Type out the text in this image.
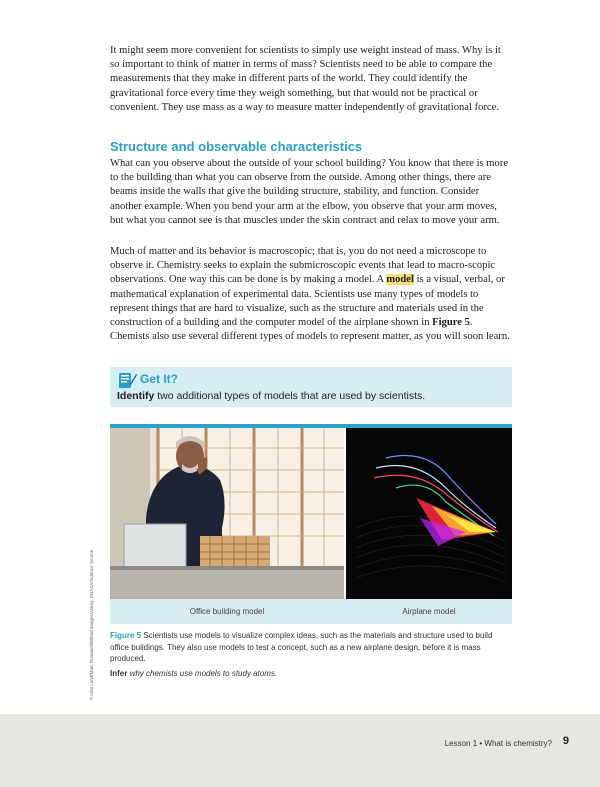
It might seem more convenient for scientists to simply use weight instead of mass. Why is it so important to think of matter in terms of mass? Scientists need to be able to compare the measurements that they make in different parts of the world. They could identify the gravitational force every time they weigh something, but that would not be practical or convenient. They use mass as a way to measure matter independently of gravitational force.

Structure and observable characteristics

What can you observe about the outside of your school building? You know that there is more to the building than what you can observe from the outside. Among other things, there are beams inside the walls that give the building structure, stability, and function. Consider another example. When you bend your arm at the elbow, you observe that your arm moves, but what you cannot see is that muscles under the skin contract and relax to move your arm.

Much of matter and its behavior is macroscopic; that is, you do not need a microscope to observe it. Chemistry seeks to explain the submicroscopic events that lead to macro-scopic observations. One way this can be done is by making a model. A model is a visual, verbal, or mathematical explanation of experimental data. Scientists use many types of models to represent things that are hard to visualize, such as the structure and materials used in the construction of a building and the computer model of the airplane shown in Figure 5. Chemists also use several different types of models to represent matter, as you will soon learn.

Get It?
Identify two additional types of models that are used by scientists.
Office building model	Airplane model

Figure 5 Scientists use models to visualize complex ideas, such as the materials and structure used to build office buildings. They also use models to test a concept, such as a new airplane design, before it is mass produced.

Infer why chemists use models to study atoms.

©John Lund/Marc Romanelli/Blend Images/Alamy; ©NASA/Science Source
Lesson 1 • What is chemistry? 9
